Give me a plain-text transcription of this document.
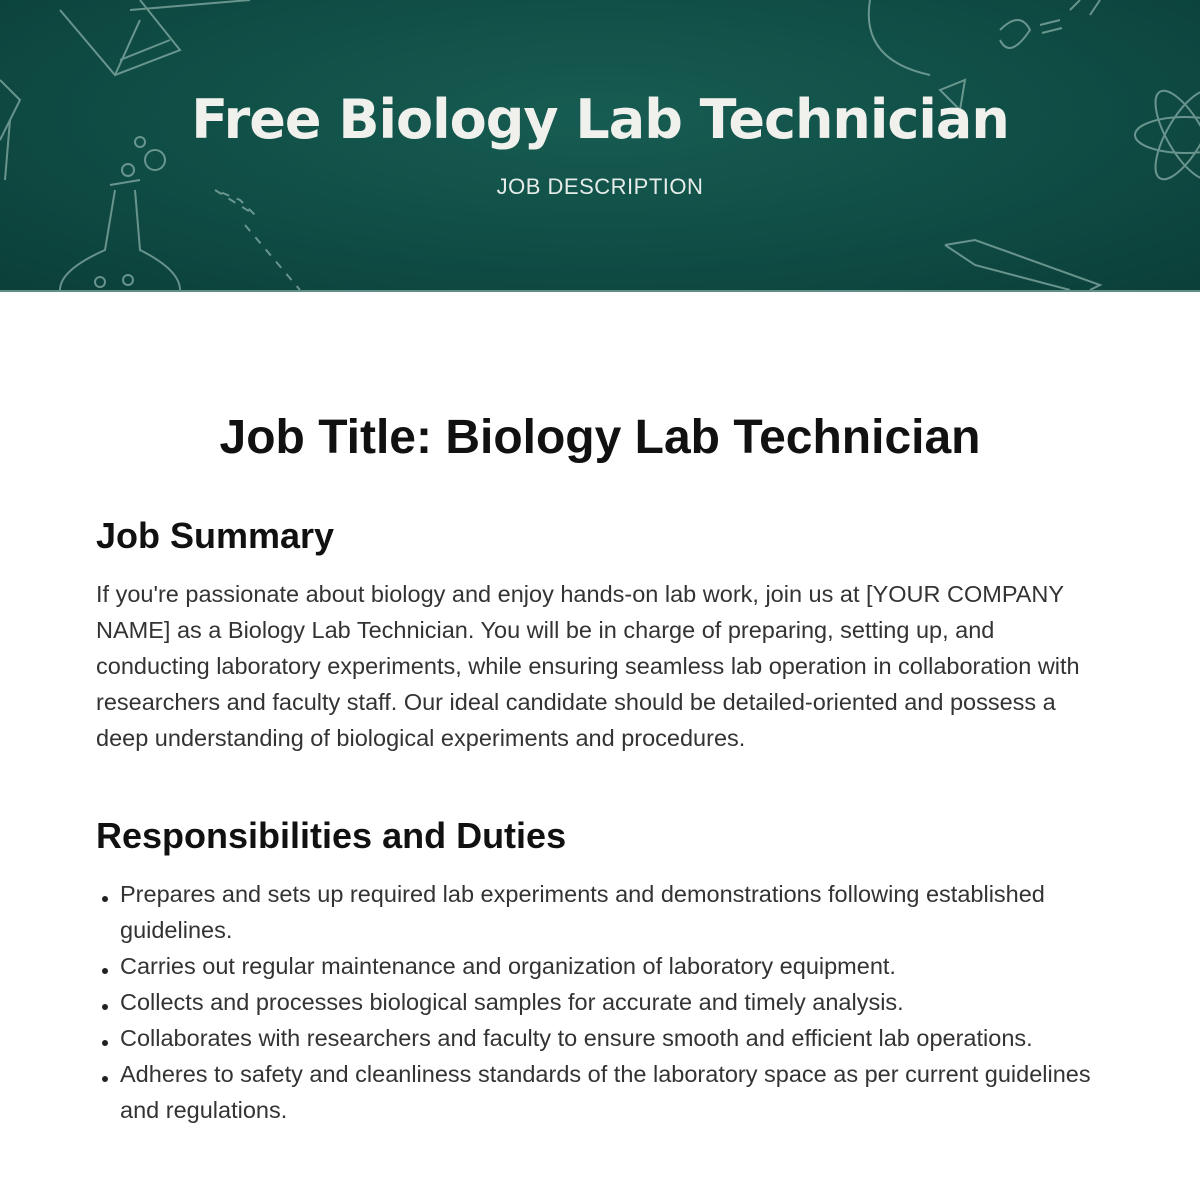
Free Biology Lab Technician
JOB DESCRIPTION
Job Title: Biology Lab Technician
Job Summary

If you're passionate about biology and enjoy hands-on lab work, join us at [YOUR COMPANY NAME] as a Biology Lab Technician. You will be in charge of preparing, setting up, and conducting laboratory experiments, while ensuring seamless lab operation in collaboration with researchers and faculty staff. Our ideal candidate should be detailed-oriented and possess a deep understanding of biological experiments and procedures.

Responsibilities and Duties
Prepares and sets up required lab experiments and demonstrations following established guidelines.
Carries out regular maintenance and organization of laboratory equipment.
Collects and processes biological samples for accurate and timely analysis.
Collaborates with researchers and faculty to ensure smooth and efficient lab operations.
Adheres to safety and cleanliness standards of the laboratory space as per current guidelines and regulations.
